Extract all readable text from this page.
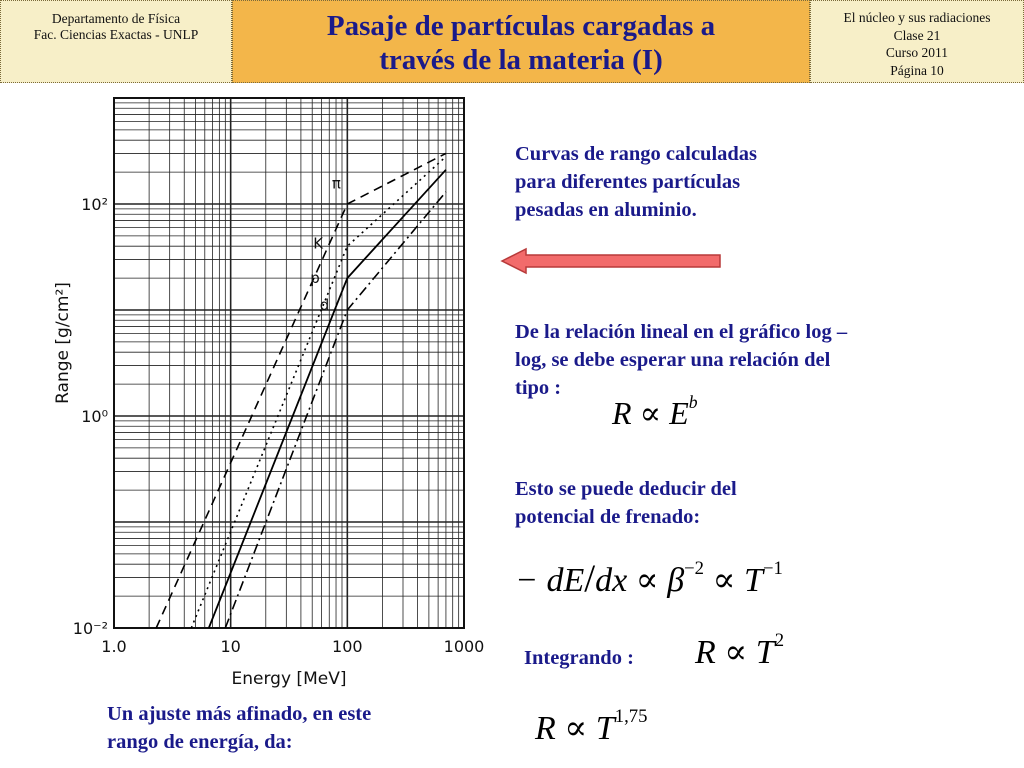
Departamento de Física
Fac. Ciencias Exactas - UNLP	Pasaje de partículas cargadas a
través de la materia (I)
El núcleo y sus radiaciones
Clase 21
Curso 2011
Página 10
π
K
p
d
1.0	10	100	1000
10⁻²
10⁰
10²
Energy [MeV]
Range [g/cm²]
Curvas de rango calculadas
para diferentes partículas
pesadas en aluminio.
De la relación lineal en el gráfico log –
log, se debe esperar una relación del
tipo :
$R \propto E^b$
Esto se puede deducir del
potencial de frenado:
− $dE/dx \propto \beta^{-2} \propto T^{-1}$
Integrando : $R \propto T^2$
Un ajuste más afinado, en este
rango de energía, da:	R ∝ T$^{1,75}$
